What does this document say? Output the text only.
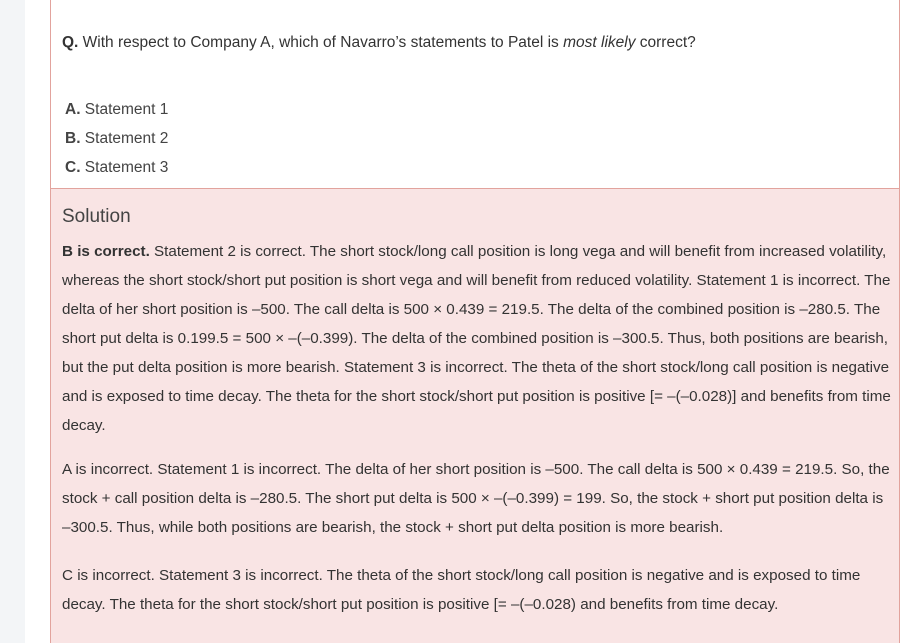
Q. With respect to Company A, which of Navarro’s statements to Patel is most likely correct?
A. Statement 1
B. Statement 2
C. Statement 3
Solution

B is correct. Statement 2 is correct. The short stock/long call position is long vega and will benefit from increased volatility, whereas the short stock/short put position is short vega and will benefit from reduced volatility. Statement 1 is incorrect. The delta of her short position is –500. The call delta is 500 × 0.439 = 219.5. The delta of the combined position is –280.5. The short put delta is 0.199.5 = 500 × –(–0.399). The delta of the combined position is –300.5. Thus, both positions are bearish, but the put delta position is more bearish. Statement 3 is incorrect. The theta of the short stock/long call position is negative and is exposed to time decay. The theta for the short stock/short put position is positive [= –(–0.028)] and benefits from time decay.

A is incorrect. Statement 1 is incorrect. The delta of her short position is –500. The call delta is 500 × 0.439 = 219.5. So, the stock + call position delta is –280.5. The short put delta is 500 × –(–0.399) = 199. So, the stock + short put position delta is –300.5. Thus, while both positions are bearish, the stock + short put delta position is more bearish.

C is incorrect. Statement 3 is incorrect. The theta of the short stock/long call position is negative and is exposed to time decay. The theta for the short stock/short put position is positive [= –(–0.028) and benefits from time decay.
